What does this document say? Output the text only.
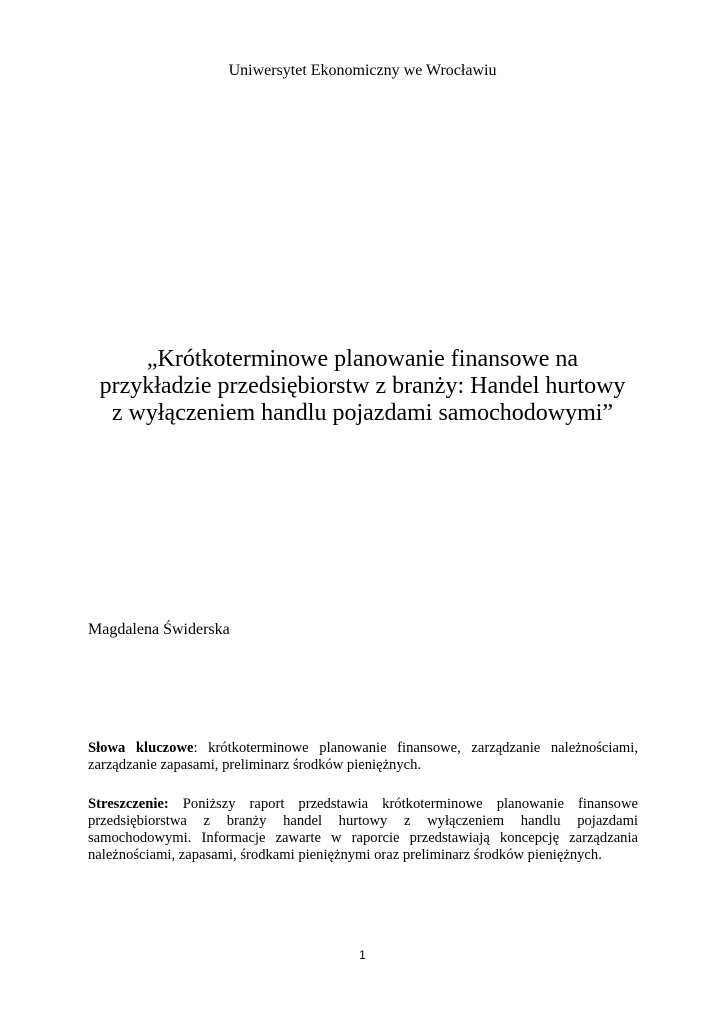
Uniwersytet Ekonomiczny we Wrocławiu
„Krótkoterminowe planowanie finansowe na
przykładzie przedsiębiorstw z branży: Handel hurtowy
z wyłączeniem handlu pojazdami samochodowymi”
Magdalena Świderska
Słowa kluczowe: krótkoterminowe planowanie finansowe, zarządzanie należnościami, zarządzanie zapasami, preliminarz środków pieniężnych.
Streszczenie: Poniższy raport przedstawia krótkoterminowe planowanie finansowe przedsiębiorstwa z branży handel hurtowy z wyłączeniem handlu pojazdami samochodowymi. Informacje zawarte w raporcie przedstawiają koncepcję zarządzania należnościami, zapasami, środkami pieniężnymi oraz preliminarz środków pieniężnych.
1
